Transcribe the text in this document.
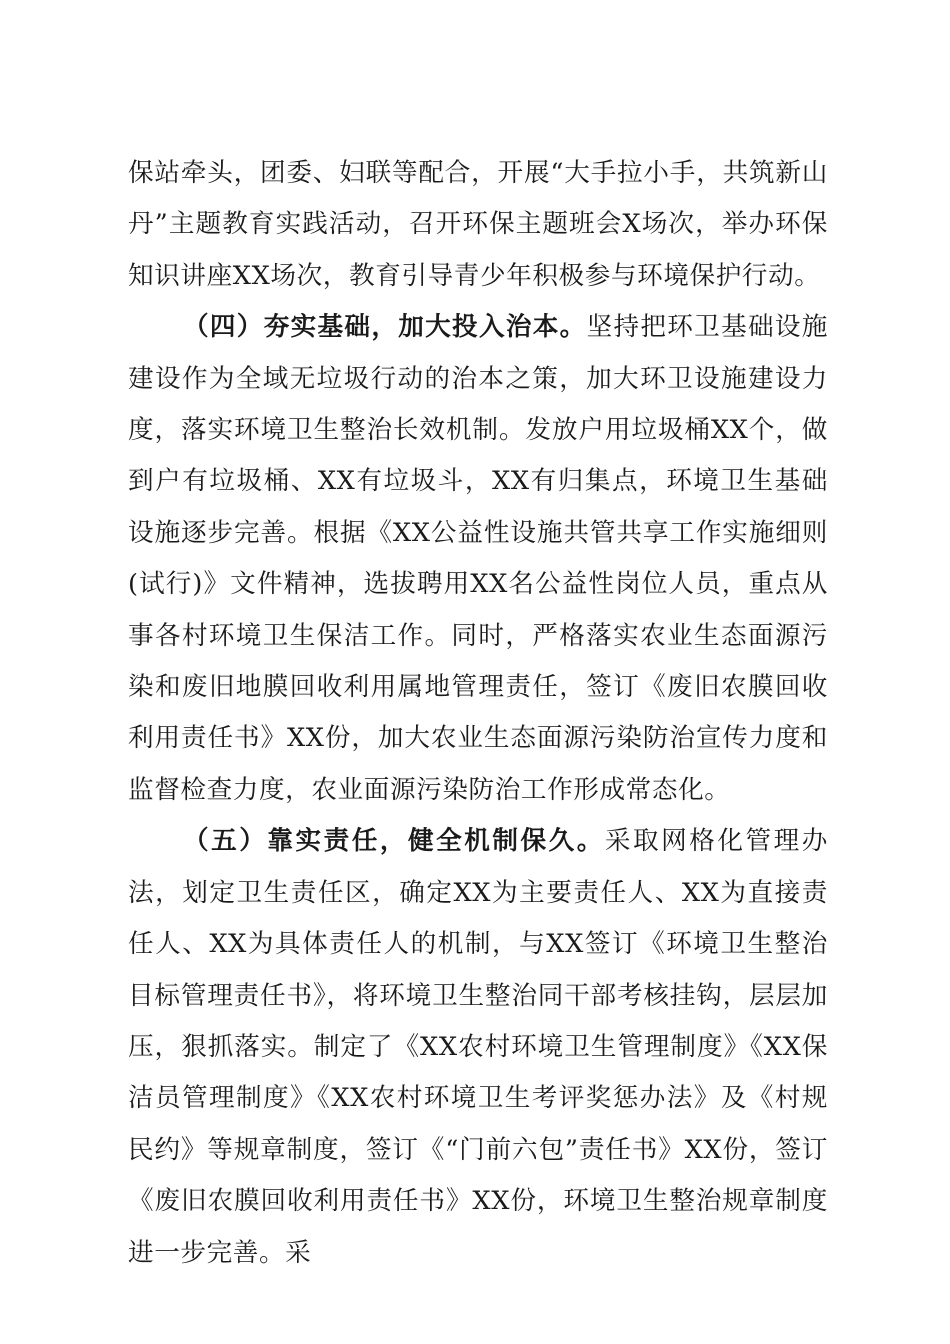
保站牵头，团委、妇联等配合，开展“大手拉小手，共筑新山丹”主题教育实践活动，召开环保主题班会X场次，举办环保知识讲座XX场次，教育引导青少年积极参与环境保护行动。

（四）夯实基础，加大投入治本。坚持把环卫基础设施建设作为全域无垃圾行动的治本之策，加大环卫设施建设力度，落实环境卫生整治长效机制。发放户用垃圾桶XX个，做到户有垃圾桶、XX有垃圾斗，XX有归集点，环境卫生基础设施逐步完善。根据《XX公益性设施共管共享工作实施细则(试行)》文件精神，选拔聘用XX名公益性岗位人员，重点从事各村环境卫生保洁工作。同时，严格落实农业生态面源污染和废旧地膜回收利用属地管理责任，签订《废旧农膜回收利用责任书》XX份，加大农业生态面源污染防治宣传力度和监督检查力度，农业面源污染防治工作形成常态化。

（五）靠实责任，健全机制保久。采取网格化管理办法，划定卫生责任区，确定XX为主要责任人、XX为直接责任人、XX为具体责任人的机制，与XX签订《环境卫生整治目标管理责任书》，将环境卫生整治同干部考核挂钩，层层加压，狠抓落实。制定了《XX农村环境卫生管理制度》《XX保洁员管理制度》《XX农村环境卫生考评奖惩办法》及《村规民约》等规章制度，签订《“门前六包”责任书》XX份，签订《废旧农膜回收利用责任书》XX份，环境卫生整治规章制度进一步完善。采
